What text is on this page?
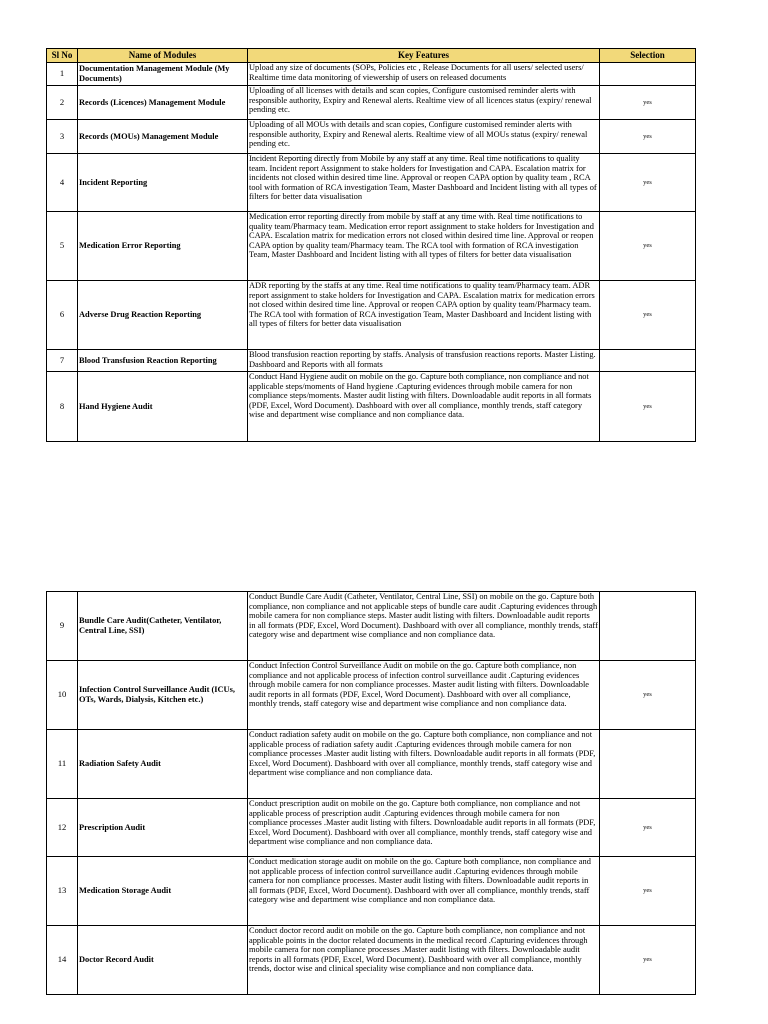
Sl No	Name of Modules	Key Features	Selection
1	Documentation Management Module (My Documents)	Upload any size of documents (SOPs, Policies etc , Release Documents for all users/ selected users/ Realtime time data monitoring of viewership of users on released documents	
2	Records (Licences) Management Module	Uploading of all licenses with details and scan copies, Configure customised reminder alerts with responsible authority, Expiry and Renewal alerts. Realtime view of all licences status (expiry/ renewal pending etc.	yes
3	Records (MOUs) Management Module	Uploading of all MOUs with details and scan copies, Configure customised reminder alerts with responsible authority, Expiry and Renewal alerts. Realtime view of all MOUs status (expiry/ renewal pending etc.	yes
4	Incident Reporting	Incident Reporting directly from Mobile by any staff at any time. Real time notifications to quality team. Incident report Assignment to stake holders for Investigation and CAPA. Escalation matrix for incidents not closed within desired time line. Approval or reopen CAPA option by quality team , RCA tool with formation of RCA investigation Team, Master Dashboard and Incident listing with all types of filters for better data visualisation	yes
5	Medication Error Reporting	Medication error reporting directly from mobile by staff at any time with. Real time notifications to quality team/Pharmacy team. Medication error report assignment to stake holders for Investigation and CAPA. Escalation matrix for medication errors not closed within desired time line. Approval or reopen CAPA option by quality team/Pharmacy team. The RCA tool with formation of RCA investigation Team, Master Dashboard and Incident listing with all types of filters for better data visualisation	yes
6	Adverse Drug Reaction Reporting	ADR reporting by the staffs at any time. Real time notifications to quality team/Pharmacy team. ADR report assignment to stake holders for Investigation and CAPA. Escalation matrix for medication errors not closed within desired time line. Approval or reopen CAPA option by quality team/Pharmacy team. The RCA tool with formation of RCA investigation Team, Master Dashboard and Incident listing with all types of filters for better data visualisation	yes
7	Blood Transfusion Reaction Reporting	Blood transfusion reaction reporting by staffs. Analysis of transfusion reactions reports. Master Listing. Dashboard and Reports with all formats	
8	Hand Hygiene Audit	Conduct Hand Hygiene audit on mobile on the go. Capture both compliance, non compliance and not applicable steps/moments of Hand hygiene .Capturing evidences through mobile camera for non compliance steps/moments. Master audit listing with filters. Downloadable audit reports in all formats (PDF, Excel, Word Document). Dashboard with over all compliance, monthly trends, staff category wise and department wise compliance and non compliance data.	yes
9	Bundle Care Audit(Catheter, Ventilator, Central Line, SSI)	Conduct Bundle Care Audit (Catheter, Ventilator, Central Line, SSI) on mobile on the go. Capture both compliance, non compliance and not applicable steps of bundle care audit .Capturing evidences through mobile camera for non compliance steps. Master audit listing with filters. Downloadable audit reports in all formats (PDF, Excel, Word Document). Dashboard with over all compliance, monthly trends, staff category wise and department wise compliance and non compliance data.	
10	Infection Control Surveillance Audit (ICUs, OTs, Wards, Dialysis, Kitchen etc.)	Conduct Infection Control Surveillance Audit on mobile on the go. Capture both compliance, non compliance and not applicable process of infection control surveillance audit .Capturing evidences through mobile camera for non compliance processes. Master audit listing with filters. Downloadable audit reports in all formats (PDF, Excel, Word Document). Dashboard with over all compliance, monthly trends, staff category wise and department wise compliance and non compliance data.	yes
11	Radiation Safety Audit	Conduct radiation safety audit on mobile on the go. Capture both compliance, non compliance and not applicable process of radiation safety audit .Capturing evidences through mobile camera for non compliance processes .Master audit listing with filters. Downloadable audit reports in all formats (PDF, Excel, Word Document). Dashboard with over all compliance, monthly trends, staff category wise and department wise compliance and non compliance data.	
12	Prescription Audit	Conduct prescription audit on mobile on the go. Capture both compliance, non compliance and not applicable process of prescription audit .Capturing evidences through mobile camera for non compliance processes .Master audit listing with filters. Downloadable audit reports in all formats (PDF, Excel, Word Document). Dashboard with over all compliance, monthly trends, staff category wise and department wise compliance and non compliance data.	yes
13	Medication Storage Audit	Conduct medication storage audit on mobile on the go. Capture both compliance, non compliance and not applicable process of infection control surveillance audit .Capturing evidences through mobile camera for non compliance processes. Master audit listing with filters. Downloadable audit reports in all formats (PDF, Excel, Word Document). Dashboard with over all compliance, monthly trends, staff category wise and department wise compliance and non compliance data.	yes
14	Doctor Record Audit	Conduct doctor record audit on mobile on the go. Capture both compliance, non compliance and not applicable points in the doctor related documents in the medical record .Capturing evidences through mobile camera for non compliance processes .Master audit listing with filters. Downloadable audit reports in all formats (PDF, Excel, Word Document). Dashboard with over all compliance, monthly trends, doctor wise and clinical speciality wise compliance and non compliance data.	yes
